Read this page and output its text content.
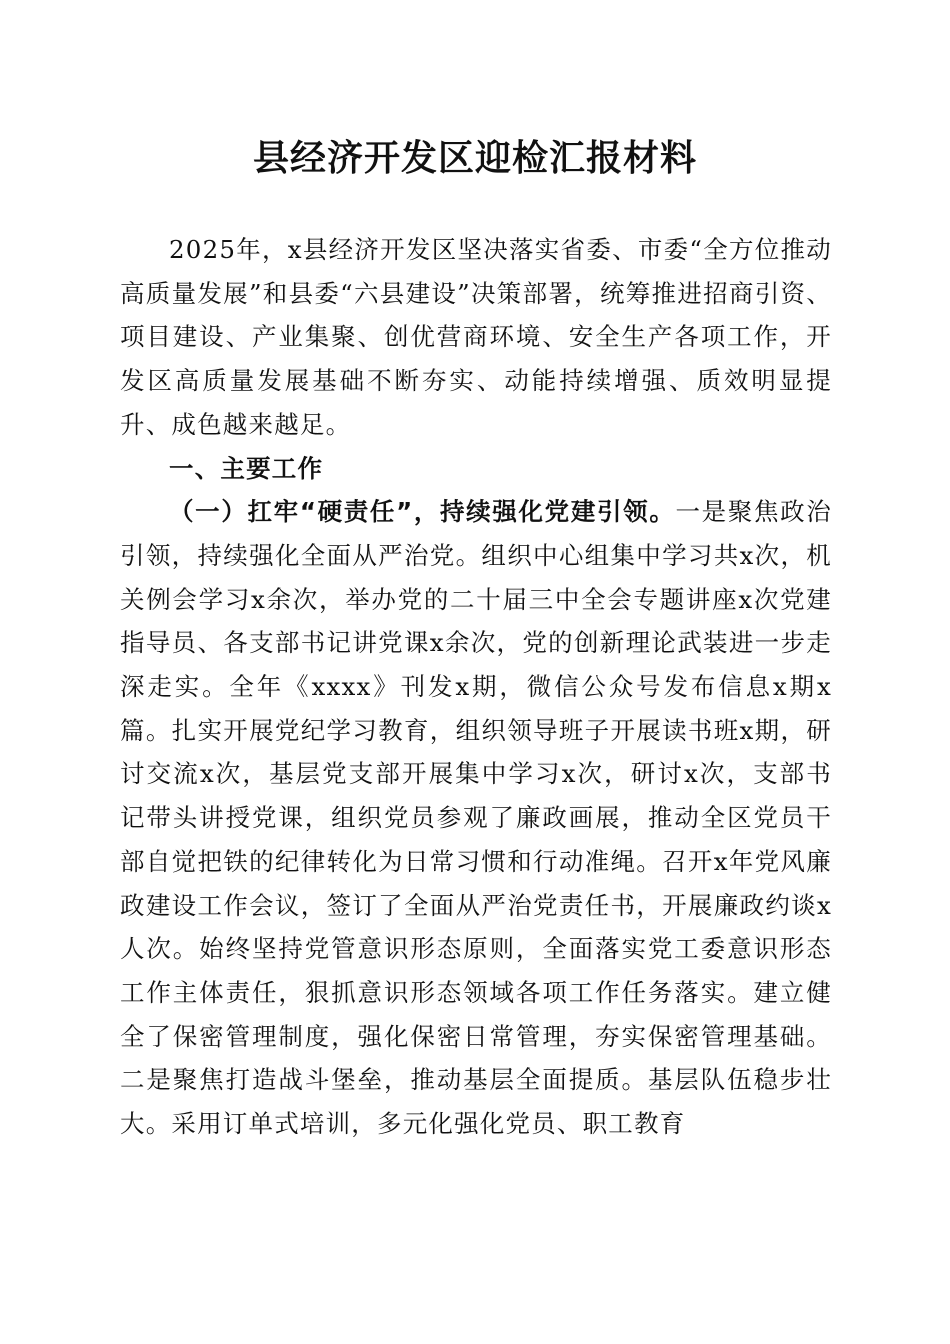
县经济开发区迎检汇报材料

2025年，x县经济开发区坚决落实省委、市委“全方位推动高质量发展”和县委“六县建设”决策部署，统筹推进招商引资、项目建设、产业集聚、创优营商环境、安全生产各项工作，开发区高质量发展基础不断夯实、动能持续增强、质效明显提升、成色越来越足。

一、主要工作

（一）扛牢“硬责任”，持续强化党建引领。一是聚焦政治引领，持续强化全面从严治党。组织中心组集中学习共x次，机关例会学习x余次，举办党的二十届三中全会专题讲座x次党建指导员、各支部书记讲党课x余次，党的创新理论武装进一步走深走实。全年《xxxx》刊发x期，微信公众号发布信息x期x篇。扎实开展党纪学习教育，组织领导班子开展读书班x期，研讨交流x次，基层党支部开展集中学习x次，研讨x次，支部书记带头讲授党课，组织党员参观了廉政画展，推动全区党员干部自觉把铁的纪律转化为日常习惯和行动准绳。召开x年党风廉政建设工作会议，签订了全面从严治党责任书，开展廉政约谈x人次。始终坚持党管意识形态原则，全面落实党工委意识形态工作主体责任，狠抓意识形态领域各项工作任务落实。建立健全了保密管理制度，强化保密日常管理，夯实保密管理基础。二是聚焦打造战斗堡垒，推动基层全面提质。基层队伍稳步壮大。采用订单式培训，多元化强化党员、职工教育
